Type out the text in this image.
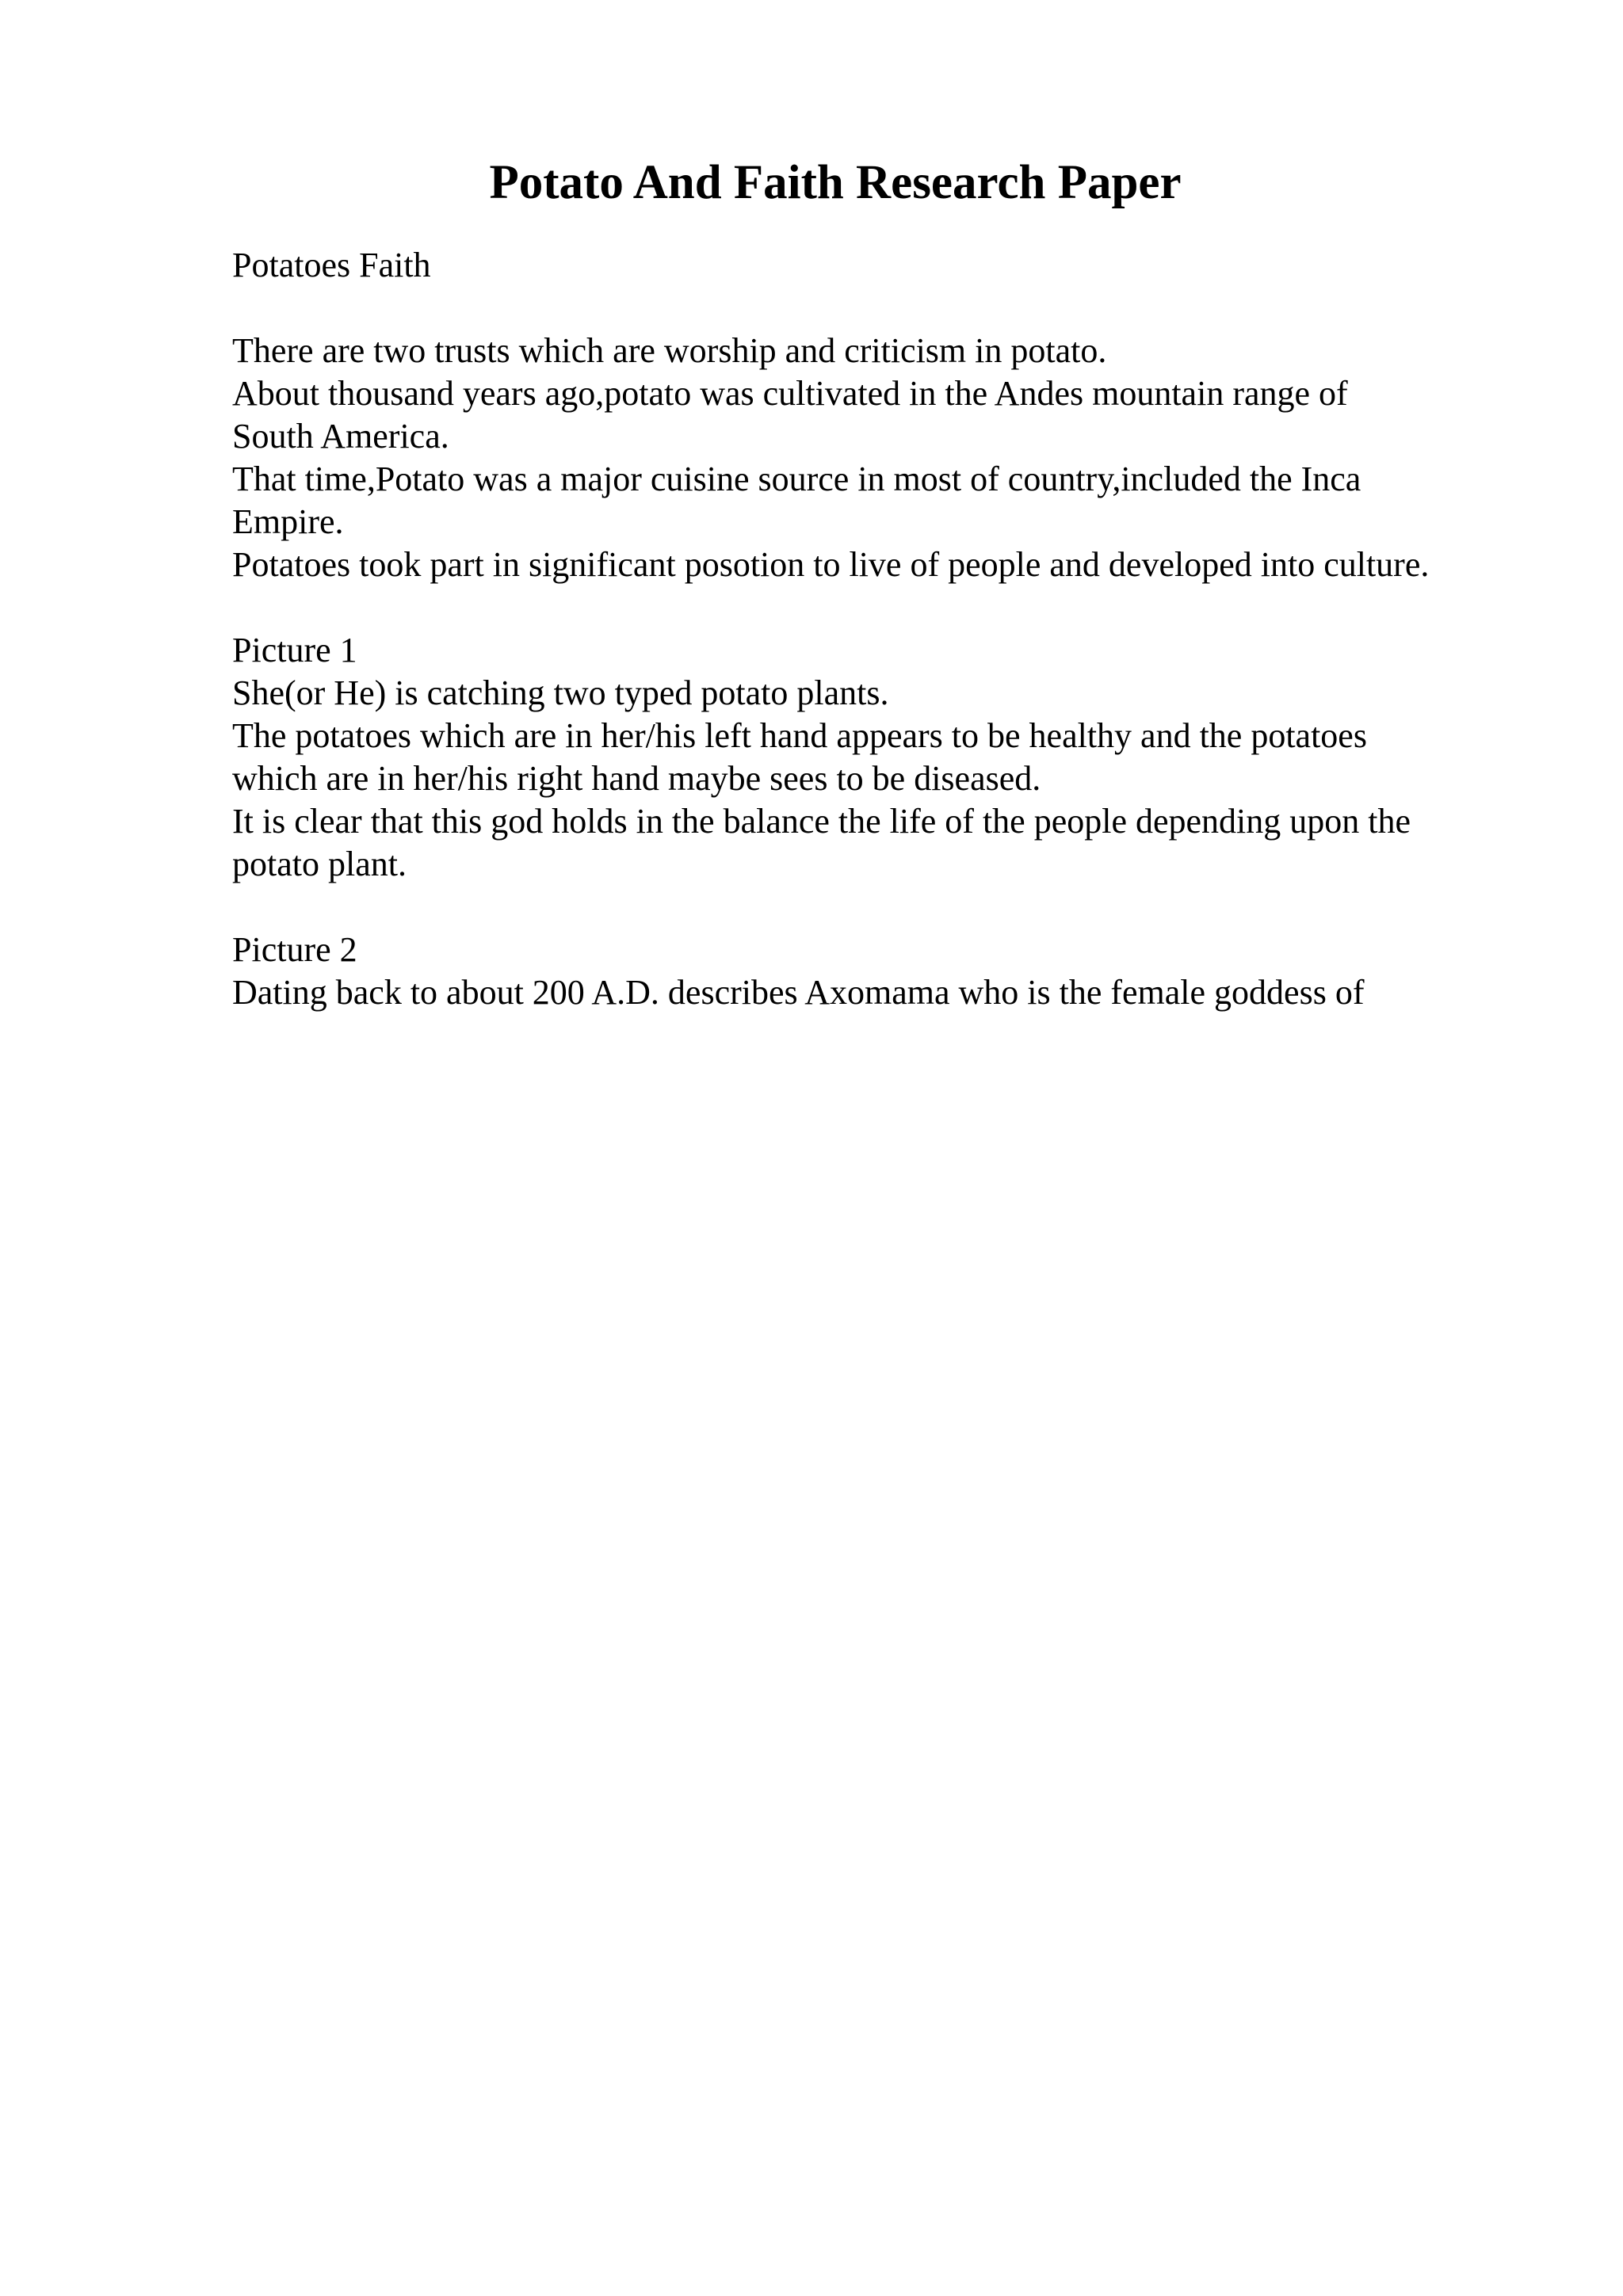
Potato And Faith Research Paper
Potatoes Faith
There are two trusts which are worship and criticism in potato.
About thousand years ago,potato was cultivated in the Andes mountain range of
South America.
That time,Potato was a major cuisine source in most of country,included the Inca
Empire.
Potatoes took part in significant posotion to live of people and developed into culture.
Picture 1
She(or He) is catching two typed potato plants.
The potatoes which are in her/his left hand appears to be healthy and the potatoes
which are in her/his right hand maybe sees to be diseased.
It is clear that this god holds in the balance the life of the people depending upon the
potato plant.
Picture 2
Dating back to about 200 A.D. describes Axomama who is the female goddess of
